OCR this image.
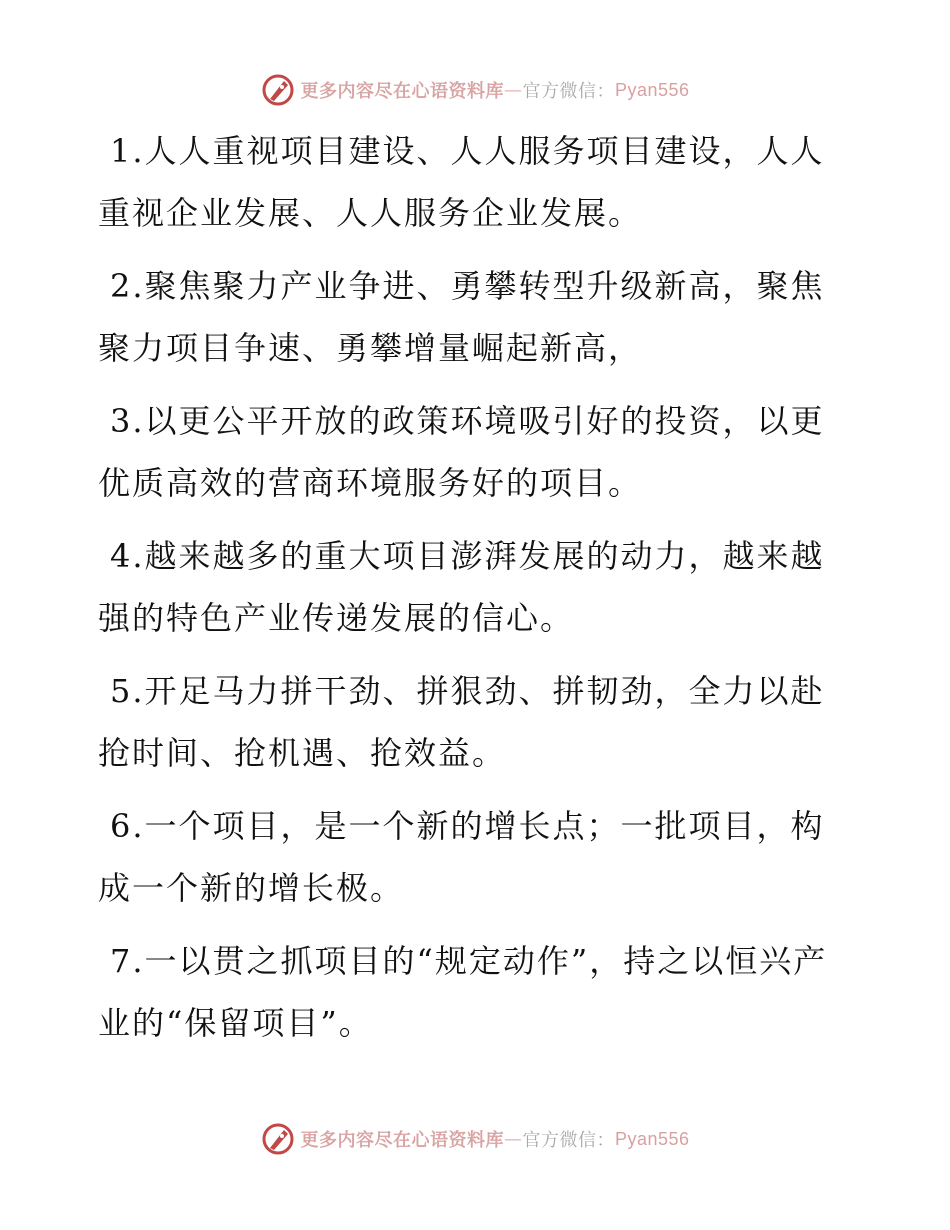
更多内容尽在心语资料库 — 官方微信： Pyan556

1.人人重视项目建设、人人服务项目建设，人人重视企业发展、人人服务企业发展。

2.聚焦聚力产业争进、勇攀转型升级新高，聚焦聚力项目争速、勇攀增量崛起新高，

3.以更公平开放的政策环境吸引好的投资，以更优质高效的营商环境服务好的项目。

4.越来越多的重大项目澎湃发展的动力，越来越强的特色产业传递发展的信心。

5.开足马力拼干劲、拼狠劲、拼韧劲，全力以赴抢时间、抢机遇、抢效益。

6.一个项目，是一个新的增长点；一批项目，构成一个新的增长极。

7.一以贯之抓项目的“规定动作”，持之以恒兴产业的“保留项目”。

更多内容尽在心语资料库 — 官方微信： Pyan556
